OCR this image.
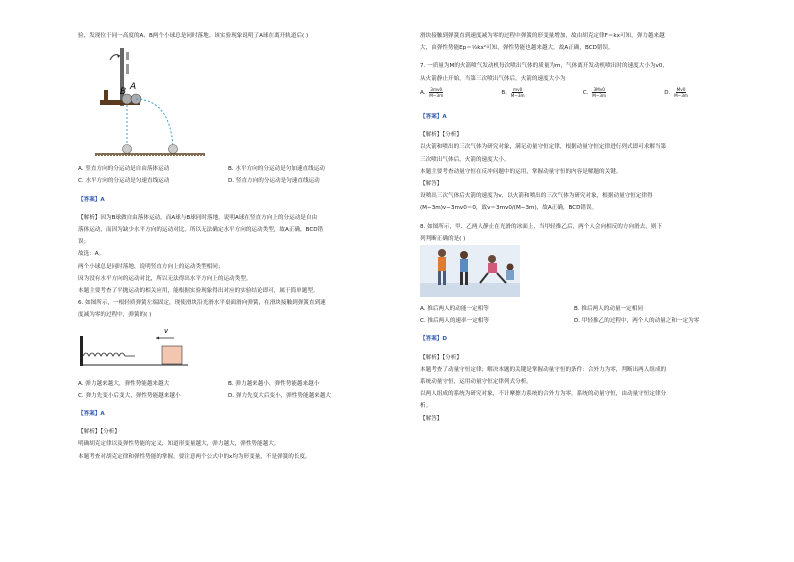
验，发现位于同一高度的A、B两个小球总是同时落地。该实验现象说明了A球在离开轨道后( )

B A
A. 竖直方向的分运动是自由落体运动	B. 水平方向的分运动是匀加速直线运动
C. 水平方向的分运动是匀速直线运动	D. 竖直方向的分运动是匀速直线运动

【答案】A

【解析】因为B球做自由落体运动，而A球与B球同时落地，说明A球在竖直方向上的分运动是自由

落体运动，而因为缺少水平方向的运动对比，所以无法确定水平方向的运动类型，故A正确，BCD错

误；

故选：A。

两个小球总是同时落地，说明竖直方向上的运动类型相同；

因为没有水平方向的运动对比，所以无法得出水平方向上的运动类型。

本题主要考查了平抛运动的相关应用，能根据实验现象得出对应的实验结论即可，属于简单题型。

6. 如图所示，一根轻质弹簧左端固定，现使滑块沿光滑水平桌面滑向弹簧，在滑块接触到弹簧直到速

度减为零的过程中，弹簧的( )

v
A. 弹力越来越大，弹性势能越来越大	B. 弹力越来越小，弹性势能越来越小
C. 弹力先变小后变大，弹性势能越来越小	D. 弹力先变大后变小，弹性势能越来越大

【答案】A

【解析】【分析】

明确胡克定律以及弹性势能的定义，知道形变量越大，弹力越大，弹性势能越大。

本题考查对胡克定律和弹性势能的掌握，要注意两个公式中的x均为形变量，不是弹簧的长度。

滑块接触到弹簧直到速度减为零的过程中弹簧的形变量增加，故由胡克定律F＝kx可知，弹力越来越

大，由弹性势能Ep＝½kx²可知，弹性势能也越来越大，故A正确，BCD错误。

7. 一质量为M的火箭喷气发动机每次喷出气体的质量为m，气体离开发动机喷出时的速度大小为v0，

从火箭静止开始，当第三次喷出气体后，火箭的速度大小为

A. $\frac{3mv0}{M-3m}$	B. $\frac{mv0}{M-3m}$	C. $\frac{3Mv0}{M-3m}$	D. $\frac{Mv0}{M-3m}$

【答案】A

【解析】【分析】

以火箭和喷出的三次气体为研究对象，满足动量守恒定律，根据动量守恒定律进行列式即可求解当第

三次喷出气体后，火箭的速度大小。

本题主要考查动量守恒在反冲问题中的运用，掌握动量守恒的内容是解题的关键。

【解答】

设喷出三次气体后火箭的速度为v，以火箭和喷出的三次气体为研究对象，根据动量守恒定律得

(M−3m)v−3mv0＝0，故v＝3mv0/(M−3m)，故A正确，BCD错误。

8. 如图所示，甲、乙两人静止在光滑的冰面上，当甲轻推乙后，两个人会向相反的方向滑去，则下

列判断正确的是( )

A. 推后两人的动能一定相等	B. 推后两人的动量一定相同
C. 推后两人的速率一定相等	D. 甲轻推乙的过程中，两个人的动量之和一定为零

【答案】D

【解析】【分析】

本题考查了动量守恒定律；解决本题的关键是掌握动量守恒的条件：合外力为零，判断出两人组成的

系统动量守恒，运用动量守恒定律列式分析。

以两人组成的系统为研究对象，不计摩擦力系统的合外力为零，系统的动量守恒，由动量守恒定律分

析。

【解答】
